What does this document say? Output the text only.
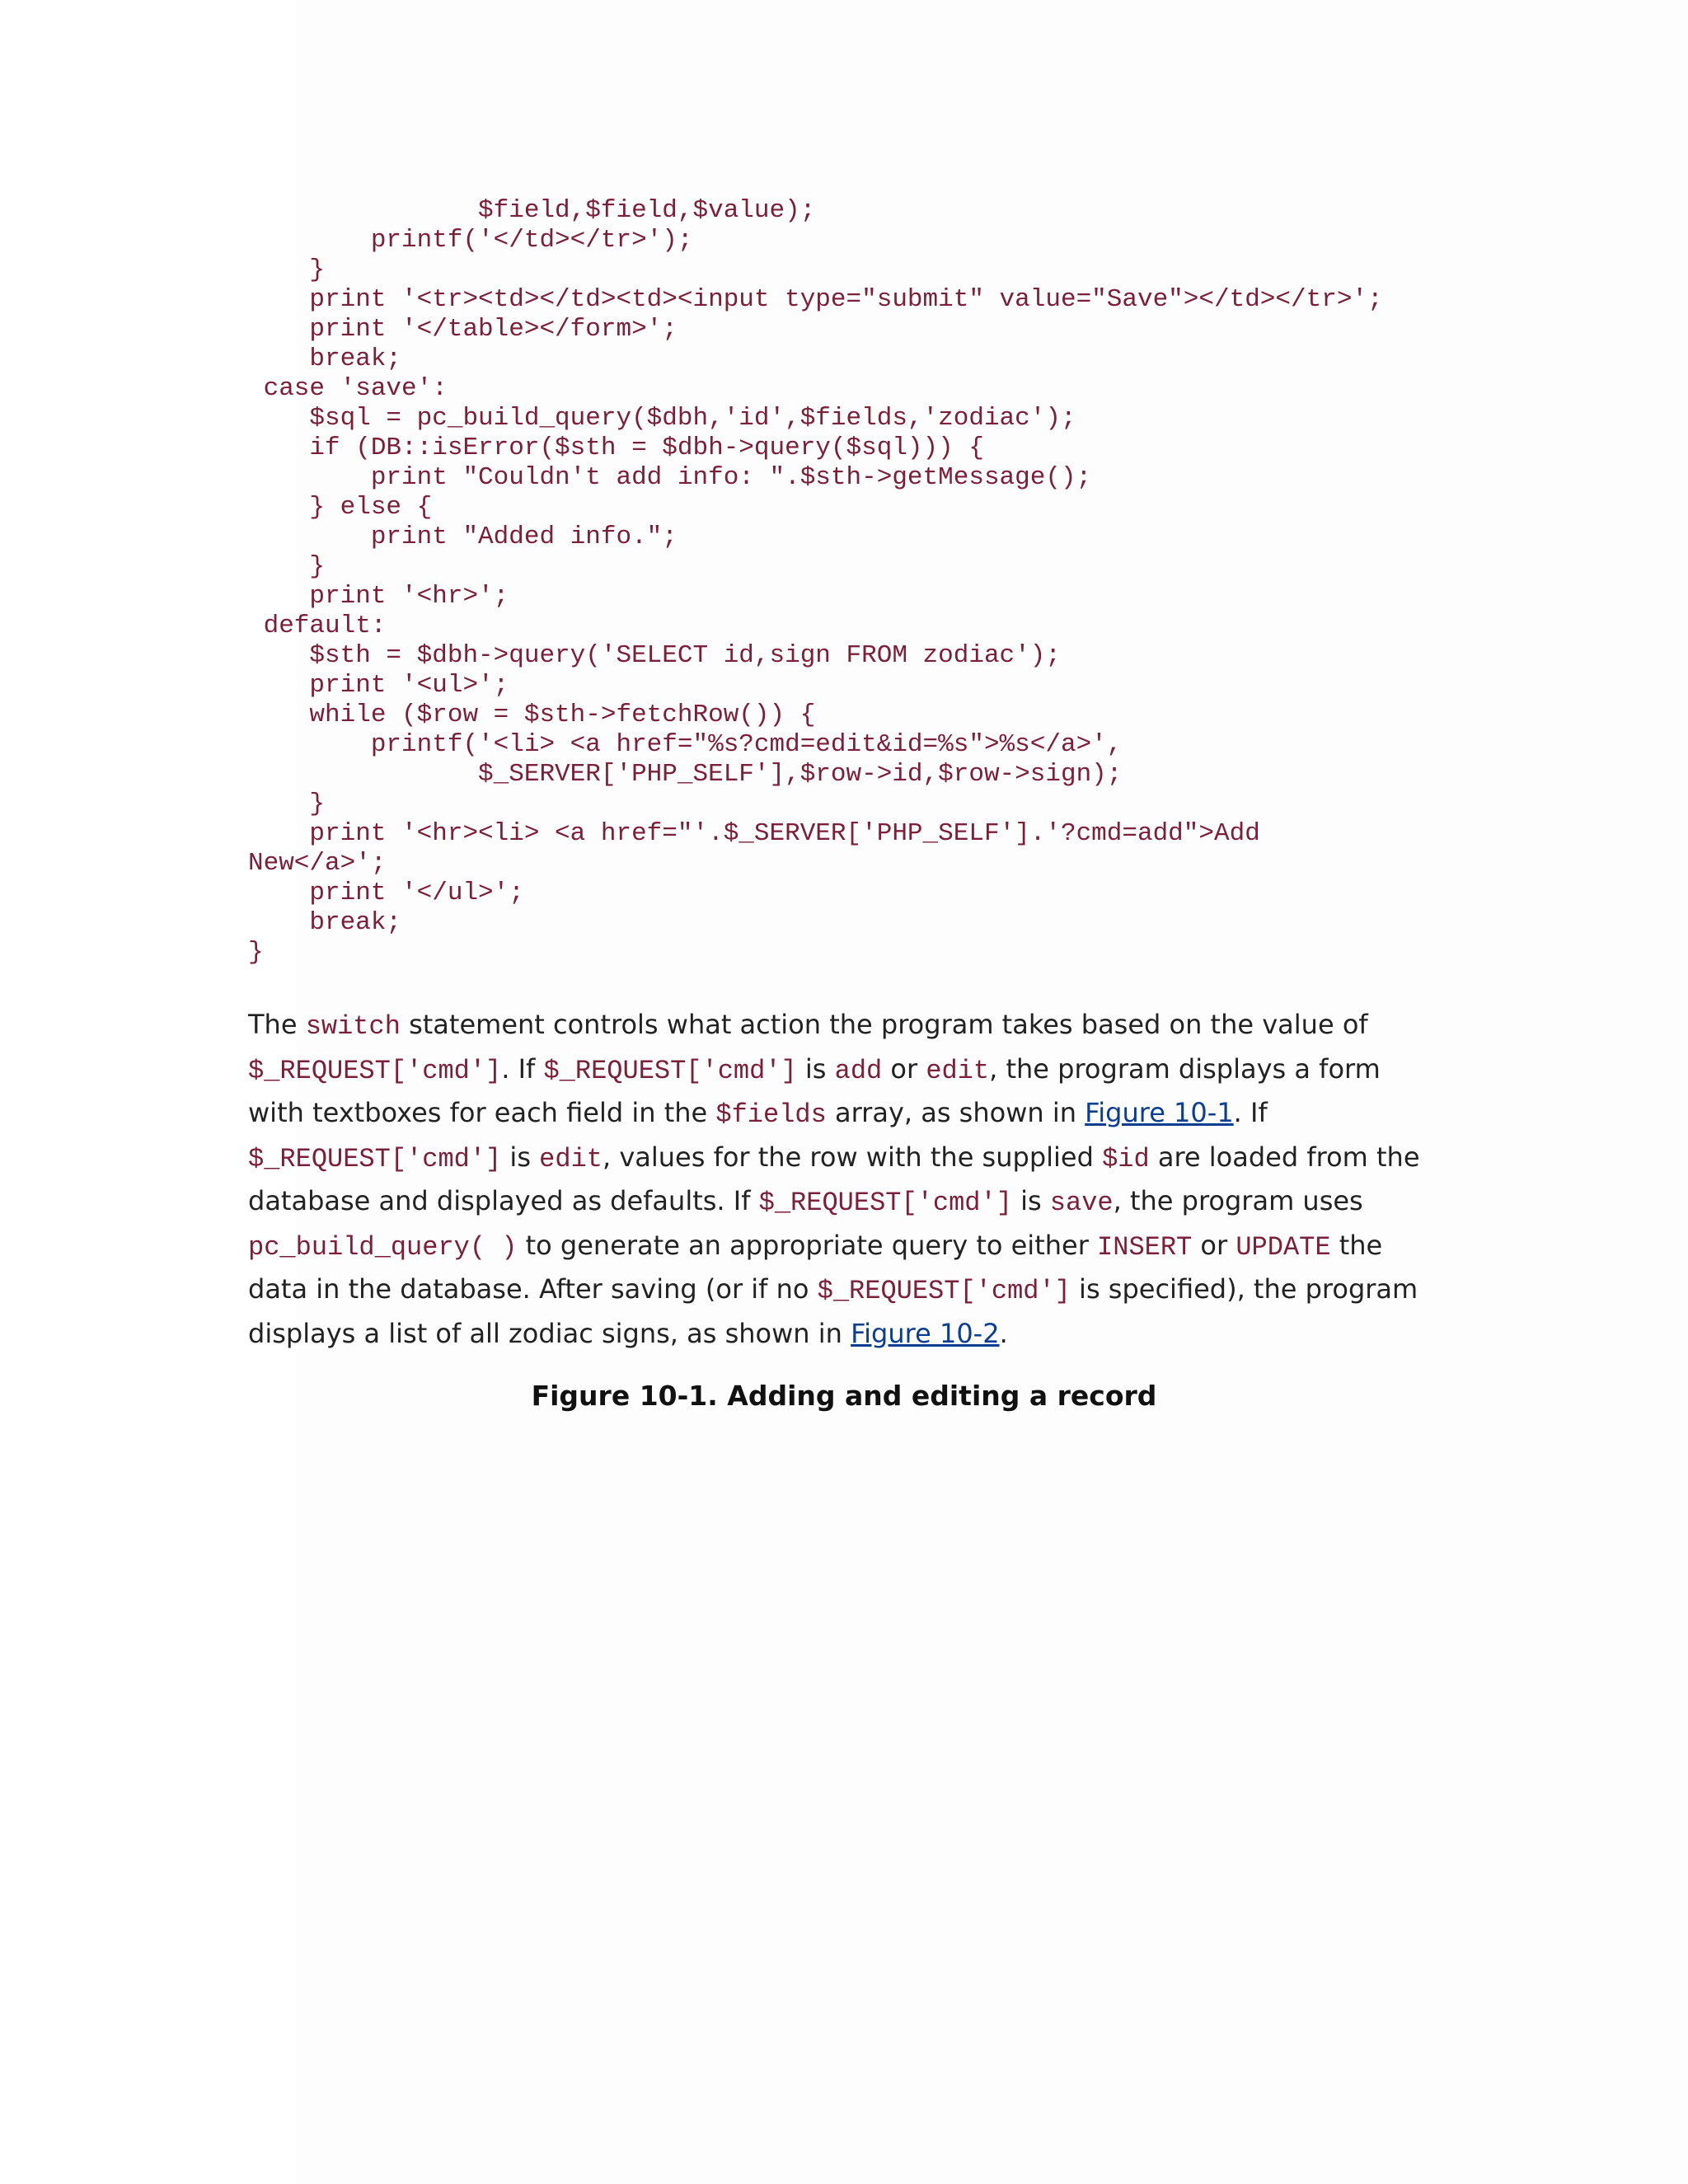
$field,$field,$value);
printf('</td></tr>');
}
print '<tr><td></td><td><input type="submit" value="Save"></td></tr>';
print '</table></form>';
break;
case 'save':
$sql = pc_build_query($dbh,'id',$fields,'zodiac');
if (DB::isError($sth = $dbh->query($sql))) {
print "Couldn't add info: ".$sth->getMessage();
} else {
print "Added info.";
}
print '<hr>';
default:
$sth = $dbh->query('SELECT id,sign FROM zodiac');
print '<ul>';
while ($row = $sth->fetchRow()) {
printf('<li> <a href="%s?cmd=edit&id=%s">%s</a>',
$_SERVER['PHP_SELF'],$row->id,$row->sign);
}
print '<hr><li> <a href="'.$_SERVER['PHP_SELF'].'?cmd=add">Add
New</a>';
print '</ul>';
break;
}

The switch statement controls what action the program takes based on the value of $_REQUEST['cmd']. If $_REQUEST['cmd'] is add or edit, the program displays a form with textboxes for each field in the $fields array, as shown in Figure 10-1. If $_REQUEST['cmd'] is edit, values for the row with the supplied $id are loaded from the database and displayed as defaults. If $_REQUEST['cmd'] is save, the program uses pc_build_query( ) to generate an appropriate query to either INSERT or UPDATE the data in the database. After saving (or if no $_REQUEST['cmd'] is specified), the program displays a list of all zodiac signs, as shown in Figure 10-2.

Figure 10-1. Adding and editing a record
